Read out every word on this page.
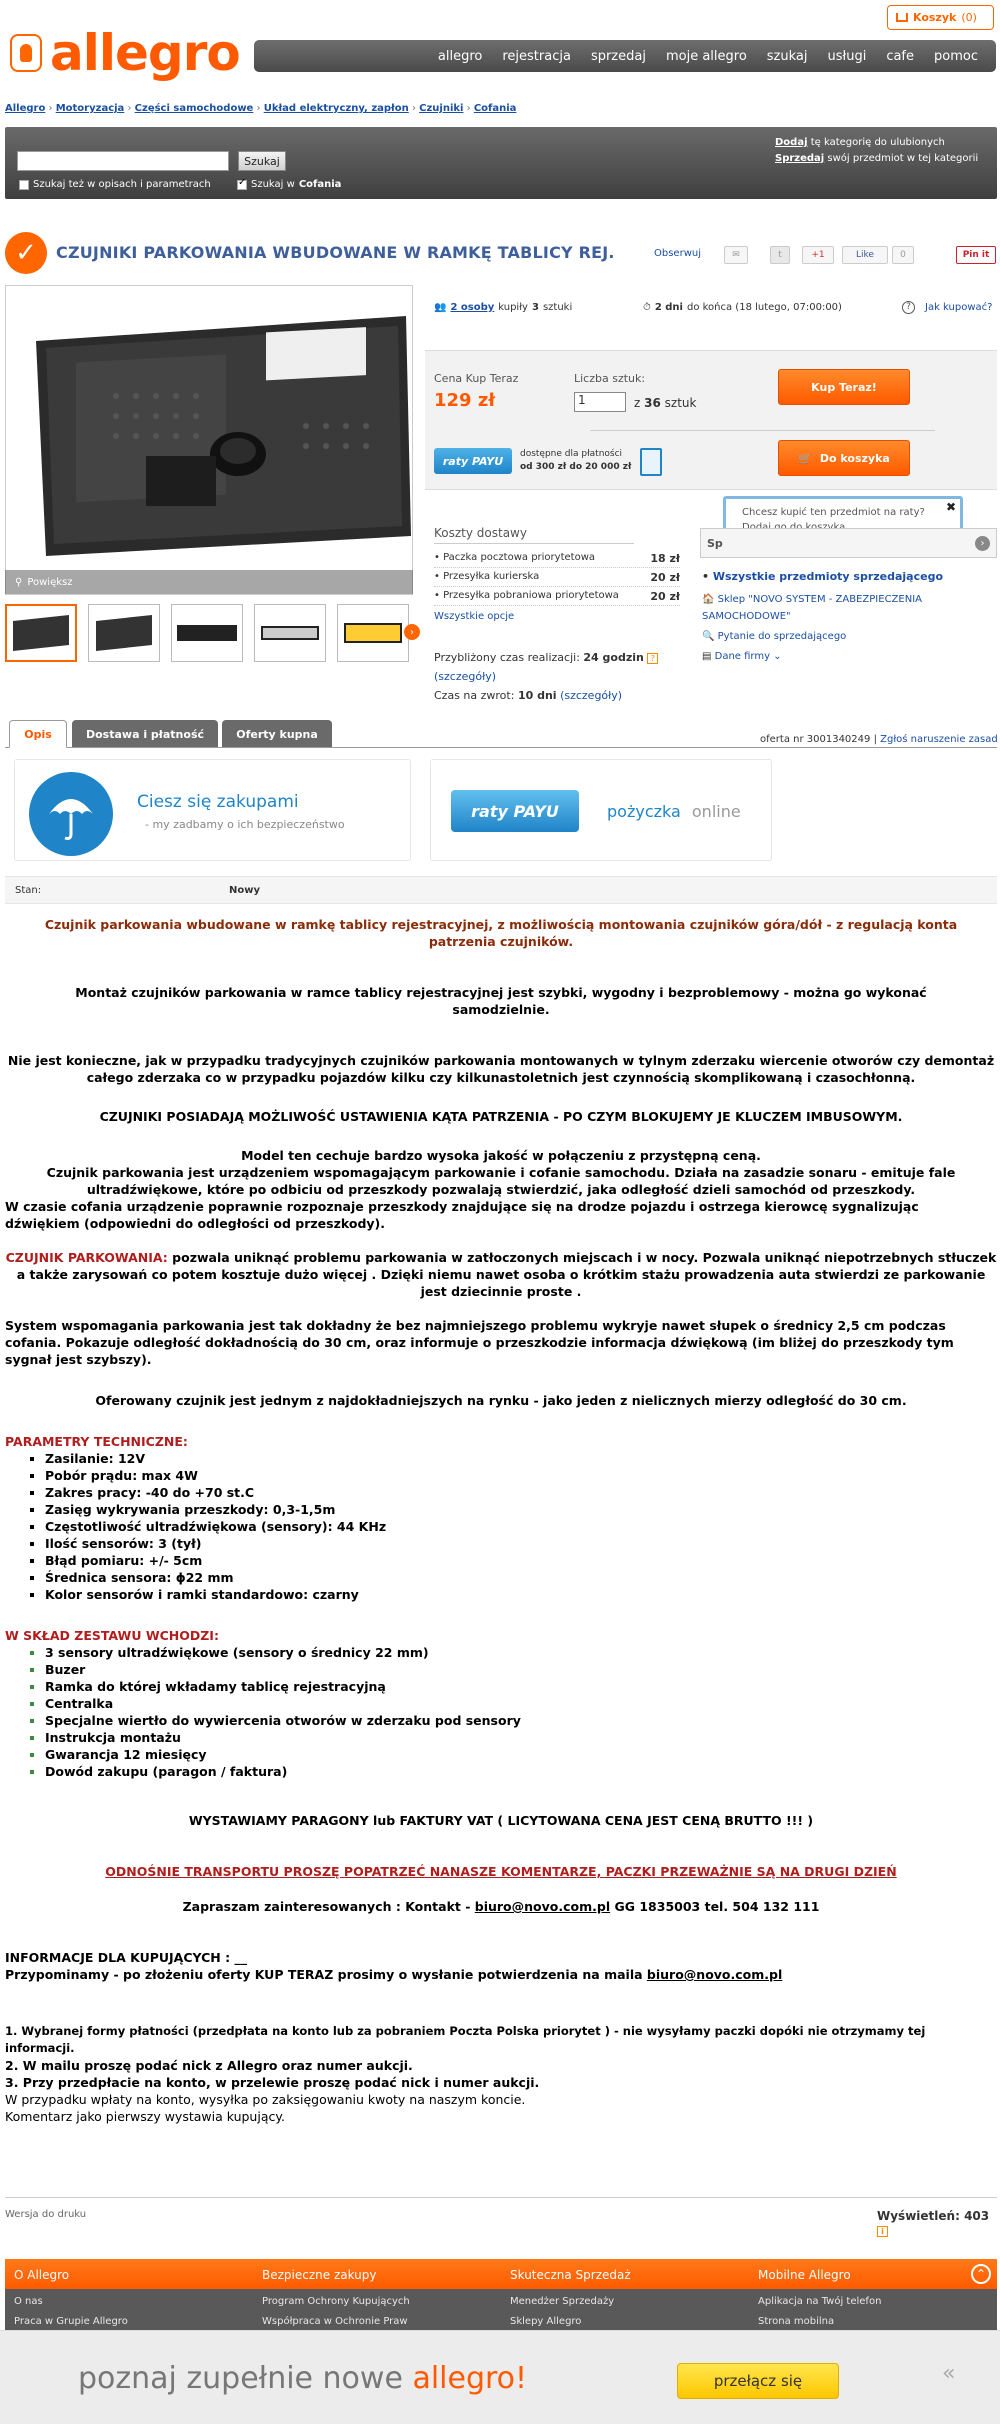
allegro
Koszyk (0)
allegro rejestracja sprzedaj moje allegro szukaj usługi cafe pomoc
Allegro › Motoryzacja › Części samochodowe › Układ elektryczny, zapłon › Czujniki › Cofania
Szukaj
Szukaj też w opisach i parametrach
✓	Szukaj w Cofania
Dodaj tę kategorię do ulubionych
Sprzedaj swój przedmiot w tej kategorii
✓	CZUJNIKI PARKOWANIA WBUDOWANE W RAMKĘ TABLICY REJ.	Obserwuj	✉	t	+1	Like	0	Pin it
⚲ Powiększ
›
👥 2 osoby kupiły 3 sztuki	⏱ 2 dni do końca (18 lutego, 07:00:00)	?	Jak kupować?
Cena Kup Teraz
129 zł
Liczba sztuk:
1	z 36 sztuk
Kup Teraz!
🛒 Do koszyka
raty PAYU
dostępne dla płatności
od 300 zł do 20 000 zł
Chcesz kupić ten przedmiot na raty? ✖
Koszty dostawy
• Paczka pocztowa priorytetowa	18 zł
• Przesyłka kurierska	20 zł
• Przesyłka pobraniowa priorytetowa	20 zł
Wszystkie opcje
Przybliżony czas realizacji: 24 godzin ?
(szczegóły)
Czas na zwrot: 10 dni (szczegóły)
Sp	›
• Wszystkie przedmioty sprzedającego
🏠 Sklep "NOVO SYSTEM - ZABEZPIECZENIA SAMOCHODOWE"
🔍 Pytanie do sprzedającego
▤ Dane firmy ⌄
Opis	Dostawa i płatność	Oferty kupna	oferta nr 3001340249 | Zgłoś naruszenie zasad
Ciesz się zakupami
- my zadbamy o ich bezpieczeństwo
raty PAYU	pożyczka online
Stan:	Nowy

Czujnik parkowania wbudowane w ramkę tablicy rejestracyjnej, z możliwością montowania czujników góra/dół - z regulacją konta patrzenia czujników.

Montaż czujników parkowania w ramce tablicy rejestracyjnej jest szybki, wygodny i bezproblemowy - można go wykonać samodzielnie.

Nie jest konieczne, jak w przypadku tradycyjnych czujników parkowania montowanych w tylnym zderzaku wiercenie otworów czy demontaż całego zderzaka co w przypadku pojazdów kilku czy kilkunastoletnich jest czynnością skomplikowaną i czasochłonną.

CZUJNIKI POSIADAJĄ MOŻLIWOŚĆ USTAWIENIA KĄTA PATRZENIA - PO CZYM BLOKUJEMY JE KLUCZEM IMBUSOWYM.

Model ten cechuje bardzo wysoka jakość w połączeniu z przystępną ceną.

Czujnik parkowania jest urządzeniem wspomagającym parkowanie i cofanie samochodu. Działa na zasadzie sonaru - emituje fale ultradźwiękowe, które po odbiciu od przeszkody pozwalają stwierdzić, jaka odległość dzieli samochód od przeszkody.

W czasie cofania urządzenie poprawnie rozpoznaje przeszkody znajdujące się na drodze pojazdu i ostrzega kierowcę sygnalizując dźwiękiem (odpowiedni do odległości od przeszkody).

CZUJNIK PARKOWANIA: pozwala uniknąć problemu parkowania w zatłoczonych miejscach i w nocy. Pozwala uniknąć niepotrzebnych stłuczek a także zarysowań co potem kosztuje dużo więcej . Dzięki niemu nawet osoba o krótkim stażu prowadzenia auta stwierdzi ze parkowanie jest dziecinnie proste .

System wspomagania parkowania jest tak dokładny że bez najmniejszego problemu wykryje nawet słupek o średnicy 2,5 cm podczas cofania. Pokazuje odległość dokładnością do 30 cm, oraz informuje o przeszkodzie informacja dźwiękową (im bliżej do przeszkody tym sygnał jest szybszy).

Oferowany czujnik jest jednym z najdokładniejszych na rynku - jako jeden z nielicznych mierzy odległość do 30 cm.

PARAMETRY TECHNICZNE:

▪ Zasilanie: 12V
▪ Pobór prądu: max 4W
▪ Zakres pracy: -40 do +70 st.C
▪ Zasięg wykrywania przeszkody: 0,3-1,5m
▪ Częstotliwość ultradźwiękowa (sensory): 44 KHz
▪ Ilość sensorów: 3 (tył)
▪ Błąd pomiaru: +/- 5cm
▪ Średnica sensora: ϕ22 mm
▪ Kolor sensorów i ramki standardowo: czarny

W SKŁAD ZESTAWU WCHODZI:

▪ 3 sensory ultradźwiękowe (sensory o średnicy 22 mm)
▪ Buzer
▪ Ramka do której wkładamy tablicę rejestracyjną
▪ Centralka
▪ Specjalne wiertło do wywiercenia otworów w zderzaku pod sensory
▪ Instrukcja montażu
▪ Gwarancja 12 miesięcy
▪ Dowód zakupu (paragon / faktura)

WYSTAWIAMY PARAGONY lub FAKTURY VAT ( LICYTOWANA CENA JEST CENĄ BRUTTO !!! )

ODNOŚNIE TRANSPORTU PROSZĘ POPATRZEĆ NANASZE KOMENTARZE, PACZKI PRZEWAŻNIE SĄ NA DRUGI DZIEŃ

Zapraszam zainteresowanych : Kontakt - biuro@novo.com.pl GG 1835003 tel. 504 132 111

INFORMACJE DLA KUPUJĄCYCH : __

Przypominamy - po złożeniu oferty KUP TERAZ prosimy o wysłanie potwierdzenia na maila biuro@novo.com.pl

1. Wybranej formy płatności (przedpłata na konto lub za pobraniem Poczta Polska priorytet ) - nie wysyłamy paczki dopóki nie otrzymamy tej informacji.

2. W mailu proszę podać nick z Allegro oraz numer aukcji.

3. Przy przedpłacie na konto, w przelewie proszę podać nick i numer aukcji.

W przypadku wpłaty na konto, wysyłka po zaksięgowaniu kwoty na naszym koncie.

Komentarz jako pierwszy wystawia kupujący.

Wersja do druku	Wyświetleń: 403 i
⌃
O Allegro	Bezpieczne zakupy	Skuteczna Sprzedaż	Mobilne Allegro
O nas
Praca w Grupie Allegro
Program Ochrony Kupujących
Współpraca w Ochronie Praw
Menedżer Sprzedaży
Sklepy Allegro
Aplikacja na Twój telefon
Strona mobilna
poznaj zupełnie nowe allegro!	«
przełącz się
